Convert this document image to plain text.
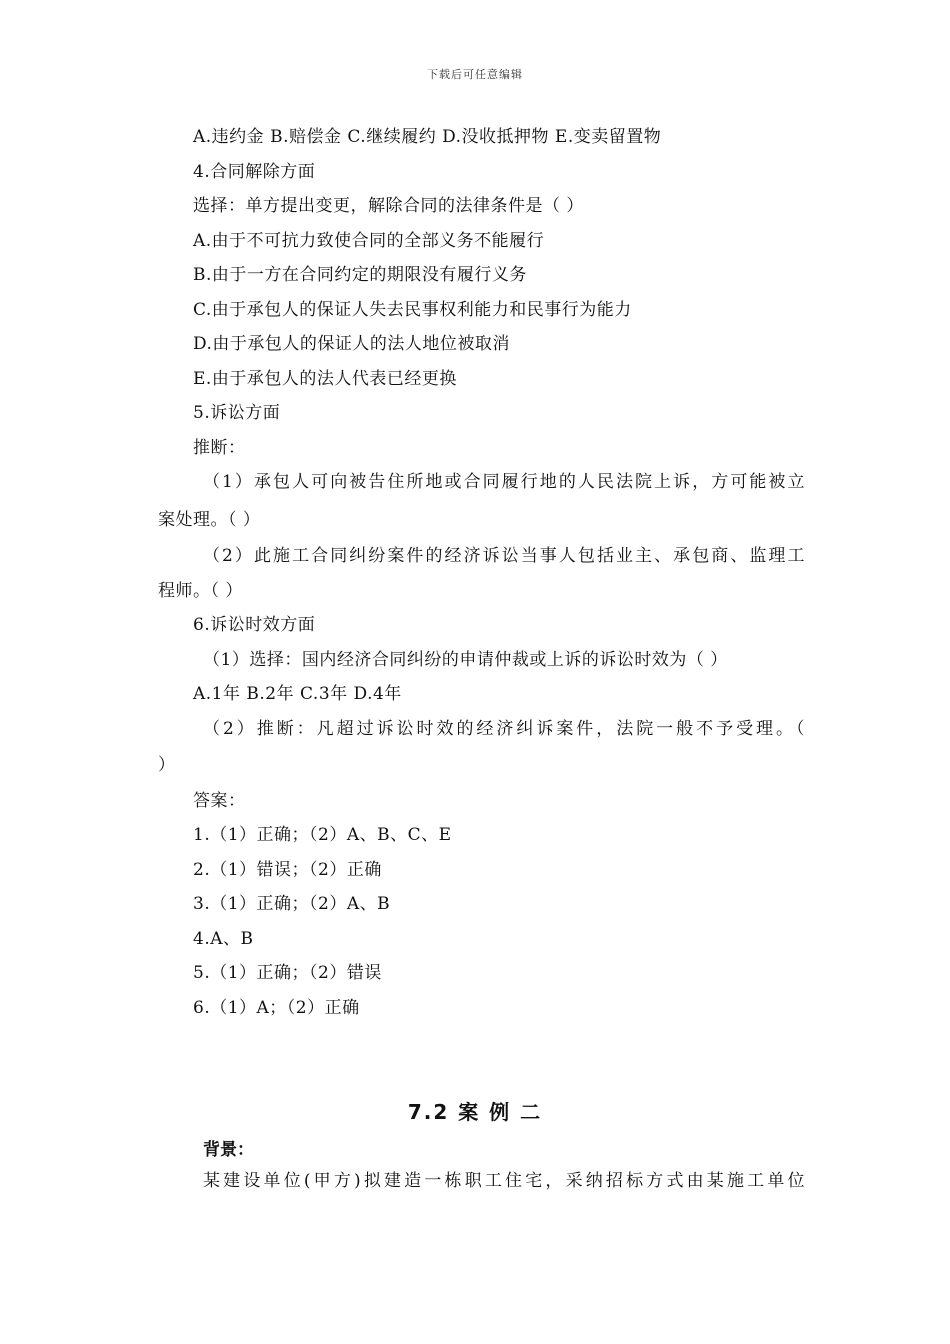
下载后可任意编辑
A.违约金 B.赔偿金 C.继续履约 D.没收抵押物 E.变卖留置物
4.合同解除方面
选择：单方提出变更，解除合同的法律条件是（ ）
A.由于不可抗力致使合同的全部义务不能履行
B.由于一方在合同约定的期限没有履行义务
C.由于承包人的保证人失去民事权利能力和民事行为能力
D.由于承包人的保证人的法人地位被取消
E.由于承包人的法人代表已经更换
5.诉讼方面
推断：
（1）承包人可向被告住所地或合同履行地的人民法院上诉，方可能被立
案处理。（ ）
（2）此施工合同纠纷案件的经济诉讼当事人包括业主、承包商、监理工
程师。（ ）
6.诉讼时效方面
（1）选择：国内经济合同纠纷的申请仲裁或上诉的诉讼时效为（ ）
A.1年 B.2年 C.3年 D.4年
（2）推断：凡超过诉讼时效的经济纠诉案件，法院一般不予受理。（
）
答案：
1.（1）正确；（2）A、B、C、E
2.（1）错误；（2）正确
3.（1）正确；（2）A、B
4.A、B
5.（1）正确；（2）错误
6.（1）A；（2）正确
7.2 案 例 二
背景：
某建设单位(甲方)拟建造一栋职工住宅，采纳招标方式由某施工单位
